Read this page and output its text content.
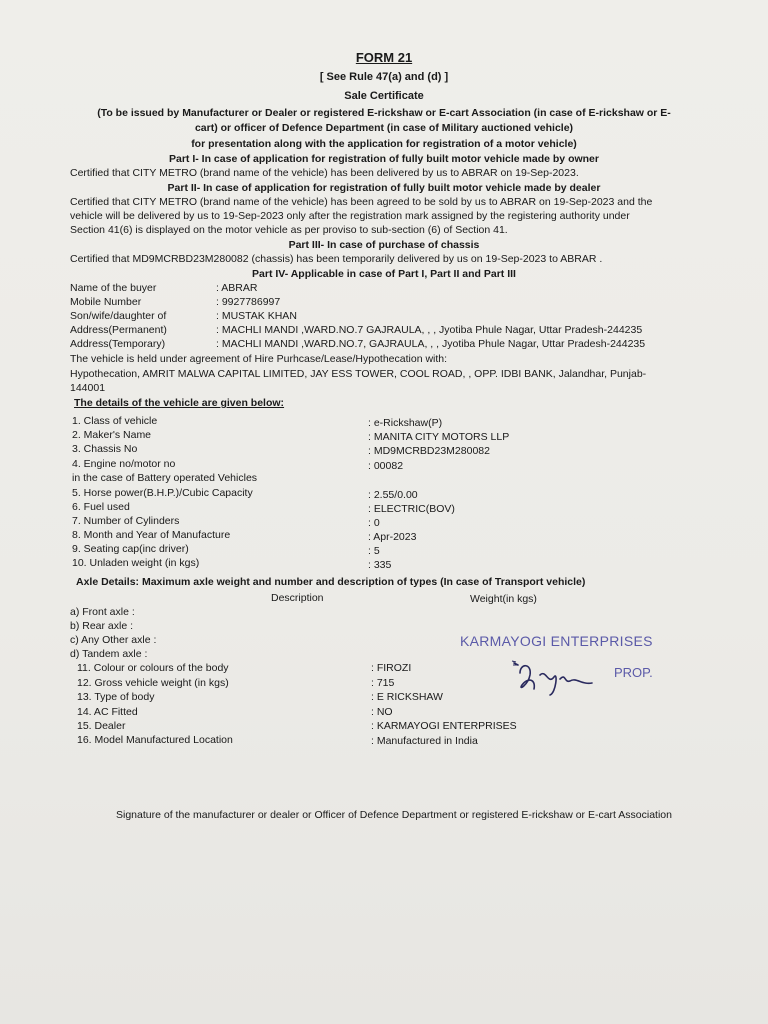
FORM 21
[ See Rule 47(a) and (d) ]
Sale Certificate
(To be issued by Manufacturer or Dealer or registered E-rickshaw or E-cart Association (in case of E-rickshaw or E-
cart) or officer of Defence Department (in case of Military auctioned vehicle)
for presentation along with the application for registration of a motor vehicle)
Part I- In case of application for registration of fully built motor vehicle made by owner
Certified that CITY METRO (brand name of the vehicle) has been delivered by us to ABRAR on 19-Sep-2023.
Part II- In case of application for registration of fully built motor vehicle made by dealer
Certified that CITY METRO (brand name of the vehicle) has been agreed to be sold by us to ABRAR on 19-Sep-2023 and the
vehicle will be delivered by us to 19-Sep-2023 only after the registration mark assigned by the registering authority under
Section 41(6) is displayed on the motor vehicle as per proviso to sub-section (6) of Section 41.
Part III- In case of purchase of chassis
Certified that MD9MCRBD23M280082 (chassis) has been temporarily delivered by us on 19-Sep-2023 to ABRAR .
Part IV- Applicable in case of Part I, Part II and Part III
Name of the buyer	: ABRAR
Mobile Number	: 9927786997
Son/wife/daughter of	: MUSTAK KHAN
Address(Permanent)	: MACHLI MANDI ,WARD.NO.7 GAJRAULA, , , Jyotiba Phule Nagar, Uttar Pradesh-244235
Address(Temporary)	: MACHLI MANDI ,WARD.NO.7, GAJRAULA, , , Jyotiba Phule Nagar, Uttar Pradesh-244235
The vehicle is held under agreement of Hire Purhcase/Lease/Hypothecation with:
Hypothecation, AMRIT MALWA CAPITAL LIMITED, JAY ESS TOWER, COOL ROAD, , OPP. IDBI BANK, Jalandhar, Punjab-
144001
The details of the vehicle are given below:
1. Class of vehicle	: e-Rickshaw(P)
2. Maker's Name	: MANITA CITY MOTORS LLP
3. Chassis No	: MD9MCRBD23M280082
4. Engine no/motor no	: 00082
in the case of Battery operated Vehicles
5. Horse power(B.H.P.)/Cubic Capacity	: 2.55/0.00
6. Fuel used	: ELECTRIC(BOV)
7. Number of Cylinders	: 0
8. Month and Year of Manufacture	: Apr-2023
9. Seating cap(inc driver)	: 5
10. Unladen weight (in kgs)	: 335
Axle Details: Maximum axle weight and number and description of types (In case of Transport vehicle)
Description	Weight(in kgs)
a) Front axle :
b) Rear axle :
c) Any Other axle :
d) Tandem axle :
11. Colour or colours of the body	: FIROZI
12. Gross vehicle weight (in kgs)	: 715
13. Type of body	: E RICKSHAW
14. AC Fitted	: NO
15. Dealer	: KARMAYOGI ENTERPRISES
16. Model Manufactured Location	: Manufactured in India
KARMAYOGI ENTERPRISES
PROP.
Signature of the manufacturer or dealer or Officer of Defence Department or registered E-rickshaw or E-cart Association
